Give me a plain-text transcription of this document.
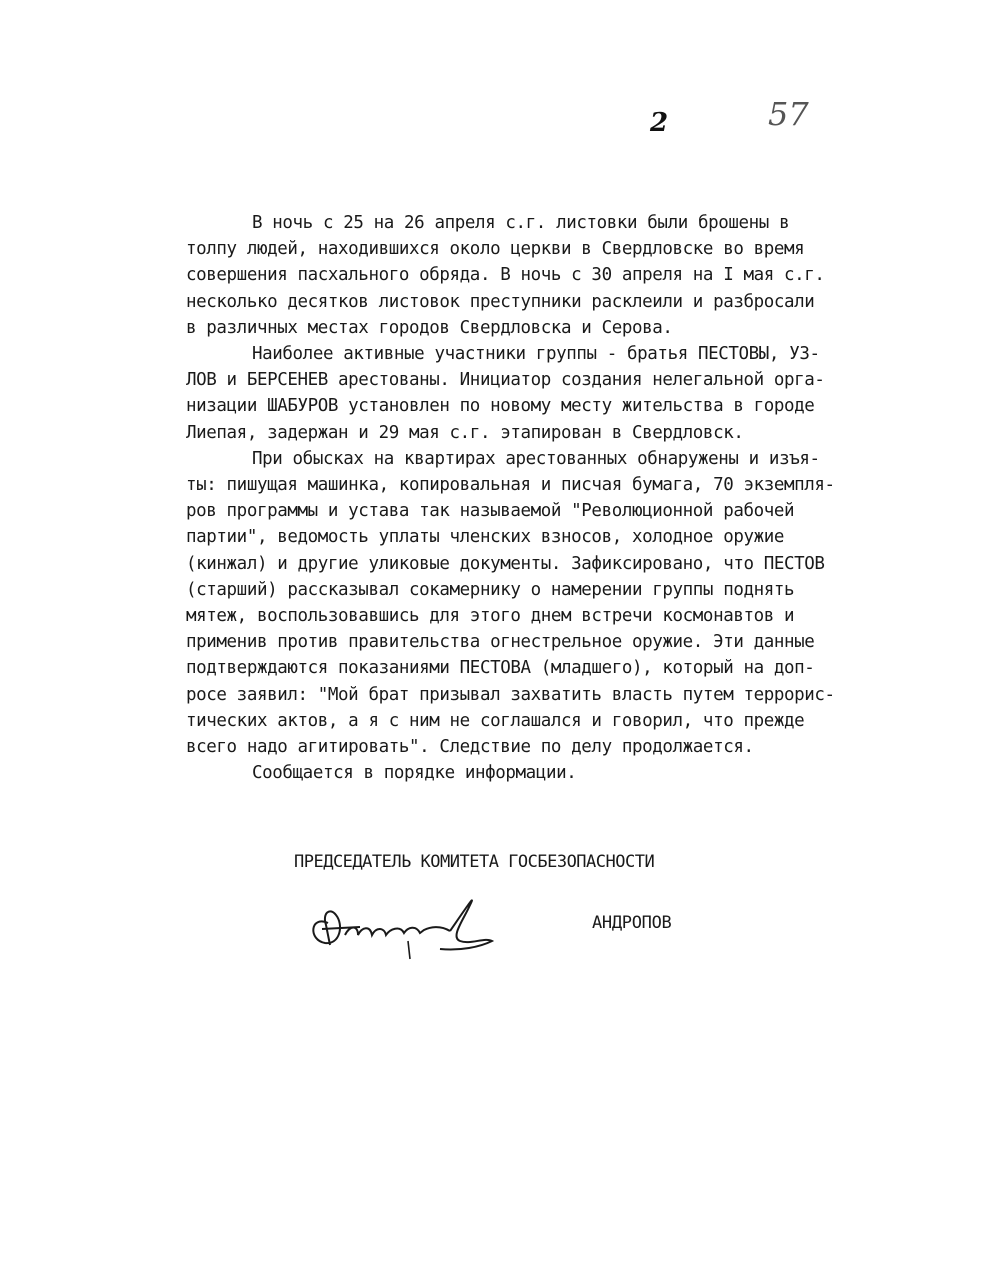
2	57
В ночь с 25 на 26 апреля с.г. листовки были брошены в
толпу людей, находившихся около церкви в Свердловске во время
совершения пасхального обряда. В ночь с 30 апреля на I мая с.г.
несколько десятков листовок преступники расклеили и разбросали
в различных местах городов Свердловска и Серова.
Наиболее активные участники группы - братья ПЕСТОВЫ, УЗ-
ЛОВ и БЕРСЕНЕВ арестованы. Инициатор создания нелегальной орга-
низации ШАБУРОВ установлен по новому месту жительства в городе
Лиепая, задержан и 29 мая с.г. этапирован в Свердловск.
При обысках на квартирах арестованных обнаружены и изъя-
ты: пишущая машинка, копировальная и писчая бумага, 70 экземпля-
ров программы и устава так называемой "Революционной рабочей
партии", ведомость уплаты членских взносов, холодное оружие
(кинжал) и другие уликовые документы. Зафиксировано, что ПЕСТОВ
(старший) рассказывал сокамернику о намерении группы поднять
мятеж, воспользовавшись для этого днем встречи космонавтов и
применив против правительства огнестрельное оружие. Эти данные
подтверждаются показаниями ПЕСТОВА (младшего), который на доп-
росе заявил: "Мой брат призывал захватить власть путем террорис-
тических актов, а я с ним не соглашался и говорил, что прежде
всего надо агитировать". Следствие по делу продолжается.
Сообщается в порядке информации.
ПРЕДСЕДАТЕЛЬ КОМИТЕТА ГОСБЕЗОПАСНОСТИ
АНДРОПОВ
